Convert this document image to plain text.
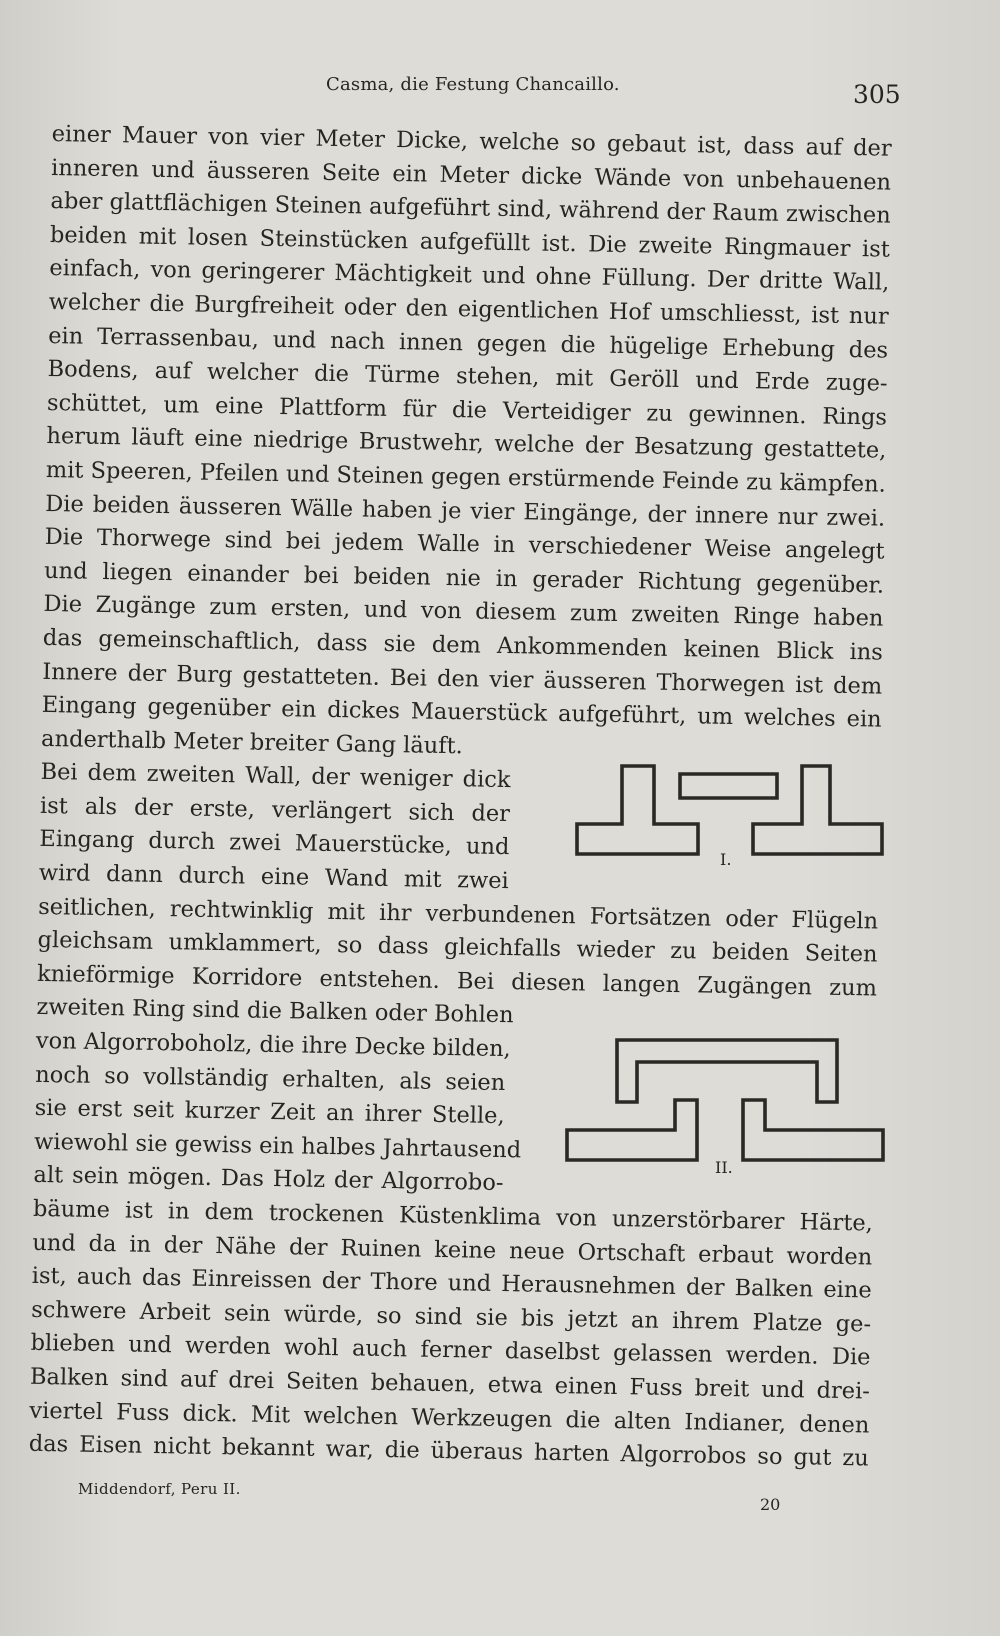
Casma, die Festung Chancaillo.	305
einer Mauer von vier Meter Dicke, welche so gebaut ist, dass auf der
inneren und äusseren Seite ein Meter dicke Wände von unbehauenen
aber glattflächigen Steinen aufgeführt sind, während der Raum zwischen
beiden mit losen Steinstücken aufgefüllt ist. Die zweite Ringmauer ist
einfach, von geringerer Mächtigkeit und ohne Füllung. Der dritte Wall,
welcher die Burgfreiheit oder den eigentlichen Hof umschliesst, ist nur
ein Terrassenbau, und nach innen gegen die hügelige Erhebung des
Bodens, auf welcher die Türme stehen, mit Geröll und Erde zuge-
schüttet, um eine Plattform für die Verteidiger zu gewinnen. Rings
herum läuft eine niedrige Brustwehr, welche der Besatzung gestattete,
mit Speeren, Pfeilen und Steinen gegen erstürmende Feinde zu kämpfen.
Die beiden äusseren Wälle haben je vier Eingänge, der innere nur zwei.
Die Thorwege sind bei jedem Walle in verschiedener Weise angelegt
und liegen einander bei beiden nie in gerader Richtung gegenüber.
Die Zugänge zum ersten, und von diesem zum zweiten Ringe haben
das gemeinschaftlich, dass sie dem Ankommenden keinen Blick ins
Innere der Burg gestatteten. Bei den vier äusseren Thorwegen ist dem
Eingang gegenüber ein dickes Mauerstück aufgeführt, um welches ein
anderthalb Meter breiter Gang läuft.
Bei dem zweiten Wall, der weniger dick
ist als der erste, verlängert sich der
Eingang durch zwei Mauerstücke, und
wird dann durch eine Wand mit zwei
seitlichen, rechtwinklig mit ihr verbundenen Fortsätzen oder Flügeln
gleichsam umklammert, so dass gleichfalls wieder zu beiden Seiten
knieförmige Korridore entstehen. Bei diesen langen Zugängen zum
zweiten Ring sind die Balken oder Bohlen
von Algorroboholz, die ihre Decke bilden,
noch so vollständig erhalten, als seien
sie erst seit kurzer Zeit an ihrer Stelle,
wiewohl sie gewiss ein halbes Jahrtausend
alt sein mögen. Das Holz der Algorrobo-
bäume ist in dem trockenen Küstenklima von unzerstörbarer Härte,
und da in der Nähe der Ruinen keine neue Ortschaft erbaut worden
ist, auch das Einreissen der Thore und Herausnehmen der Balken eine
schwere Arbeit sein würde, so sind sie bis jetzt an ihrem Platze ge-
blieben und werden wohl auch ferner daselbst gelassen werden. Die
Balken sind auf drei Seiten behauen, etwa einen Fuss breit und drei-
viertel Fuss dick. Mit welchen Werkzeugen die alten Indianer, denen
das Eisen nicht bekannt war, die überaus harten Algorrobos so gut zu
I.
II.
Middendorf, Peru II.
20
